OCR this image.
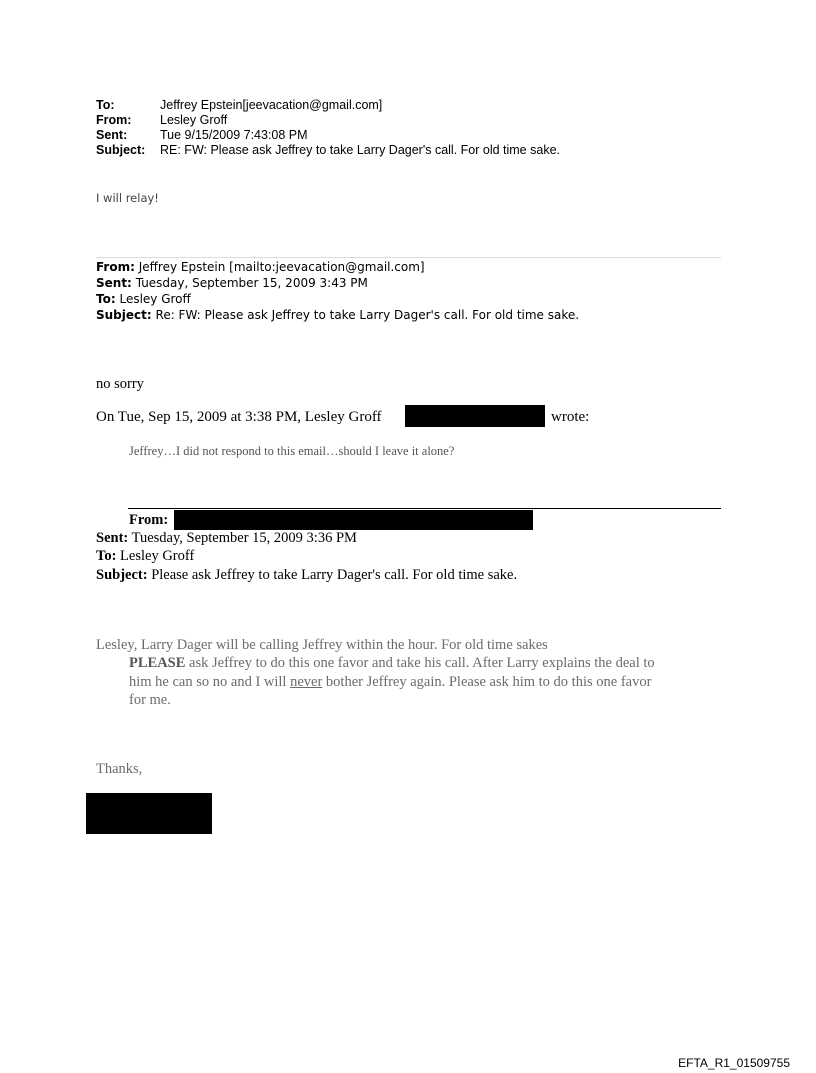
To:	Jeffrey Epstein[jeevacation@gmail.com]
From: Lesley Groff
Sent:	Tue 9/15/2009 7:43:08 PM
Subject: RE: FW: Please ask Jeffrey to take Larry Dager's call. For old time sake.
I will relay!
From: Jeffrey Epstein [mailto:jeevacation@gmail.com]
Sent: Tuesday, September 15, 2009 3:43 PM
To: Lesley Groff
Subject: Re: FW: Please ask Jeffrey to take Larry Dager's call. For old time sake.
no sorry
On Tue, Sep 15, 2009 at 3:38 PM, Lesley Groff	wrote:
Jeffrey…I did not respond to this email…should I leave it alone?
From:
Sent: Tuesday, September 15, 2009 3:36 PM
To: Lesley Groff
Subject: Please ask Jeffrey to take Larry Dager's call. For old time sake.
Lesley, Larry Dager will be calling Jeffrey within the hour. For old time sakes
PLEASE ask Jeffrey to do this one favor and take his call. After Larry explains the deal to
him he can so no and I will never bother Jeffrey again. Please ask him to do this one favor
for me.
Thanks,
EFTA_R1_01509755
